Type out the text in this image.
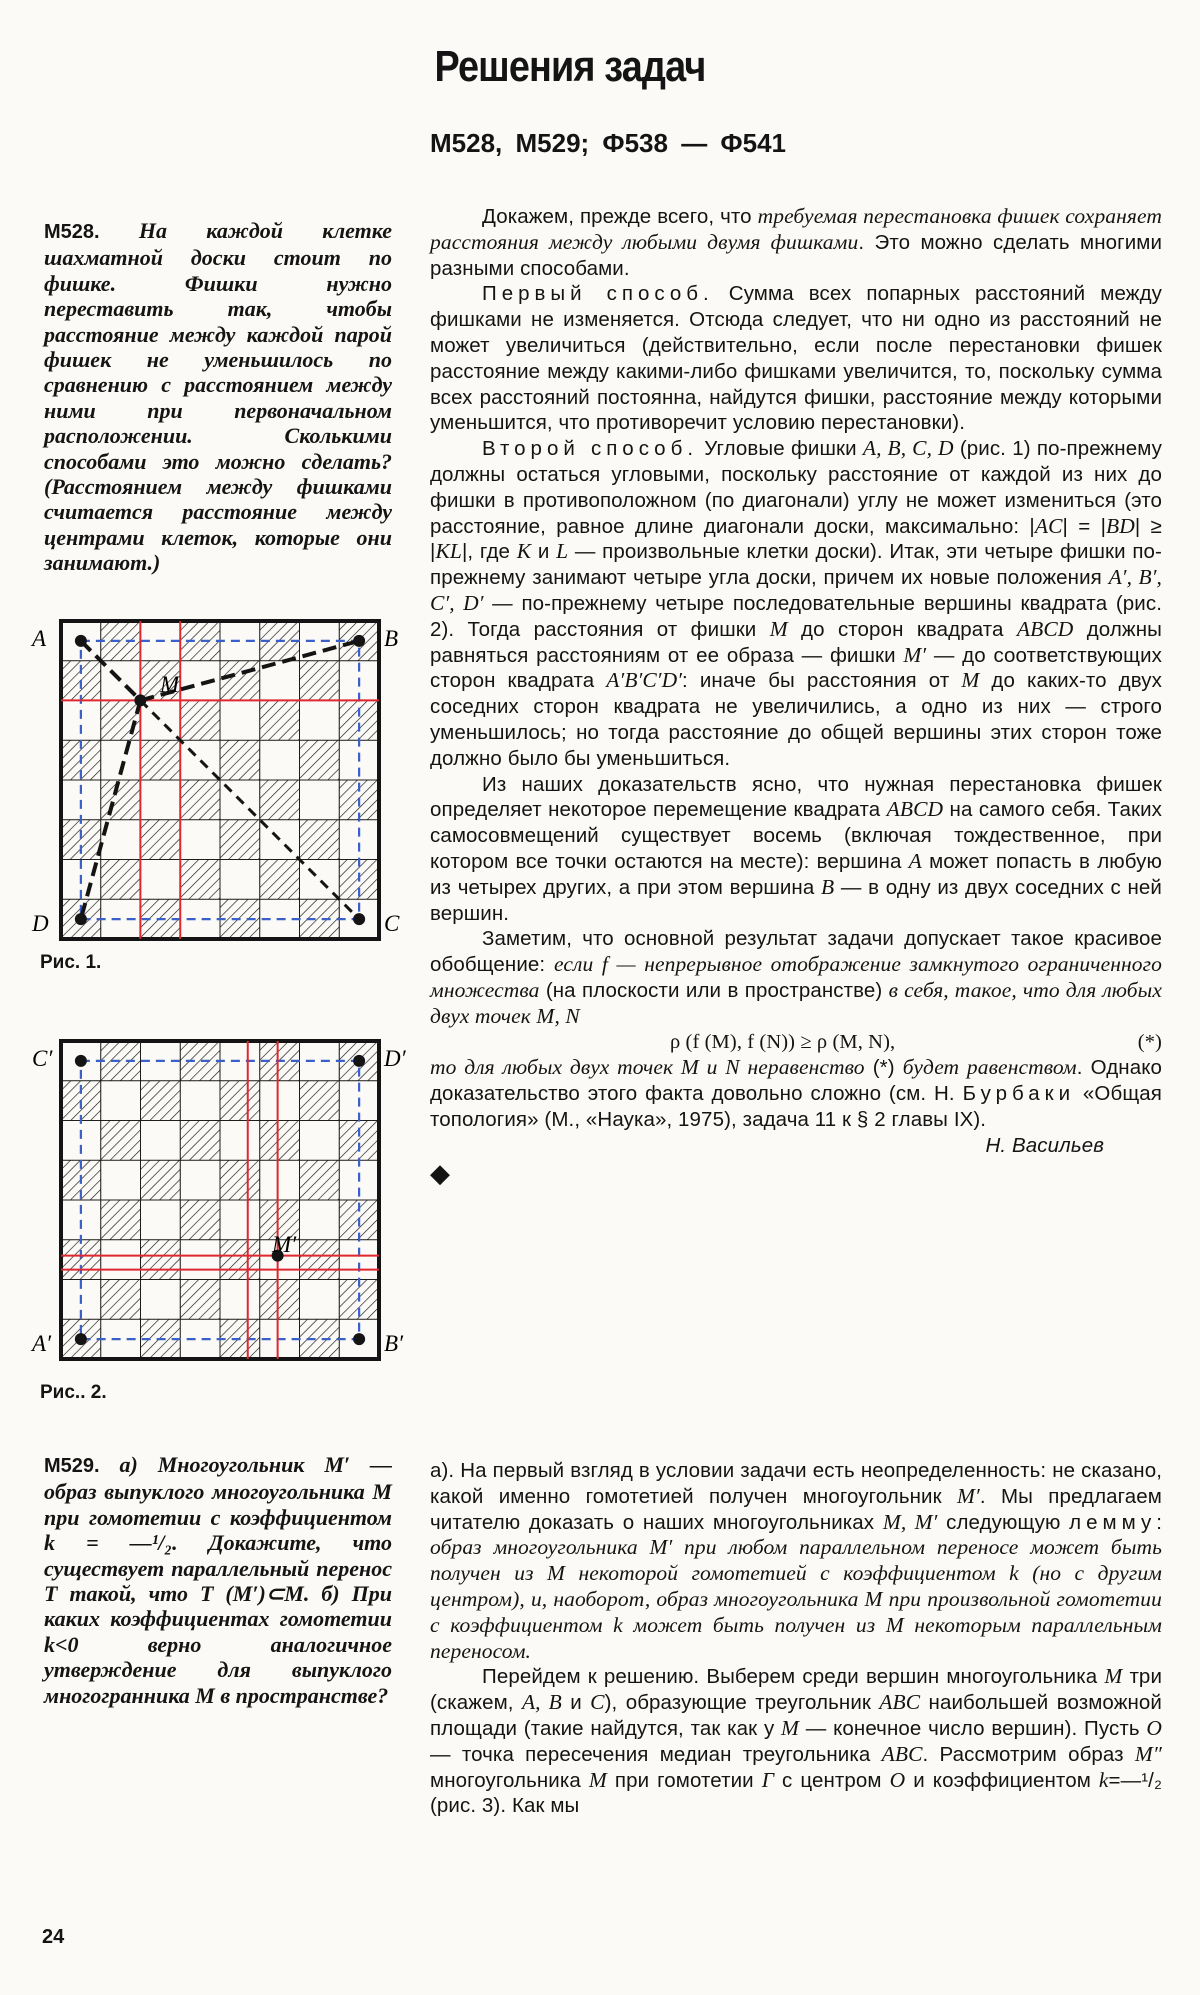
Решения задач
М528, М529; Ф538 — Ф541
М528. На каждой клетке шахматной доски стоит по фишке. Фишки нужно переставить так, чтобы расстояние между каждой парой фишек не уменьшилось по сравнению с расстоянием между ними при первоначальном расположении. Сколькими способами это можно сделать? (Расстоянием между фишками считается расстояние между центрами клеток, которые они занимают.)
A	B
C
D
M
Рис. 1.
C′	D′
B′
A′
M′
Рис.. 2.
М529. а) Многоугольник M′ — образ выпуклого многоугольника M при гомотетии с коэффициентом k = —¹/₂. Докажите, что существует параллельный перенос T такой, что T (M′)⊂M. б) При каких коэффициентах гомотетии k<0 верно аналогичное утверждение для выпуклого многогранника M в пространстве?

Докажем, прежде всего, что требуемая перестановка фишек сохраняет расстояния между любыми двумя фишками. Это можно сделать многими разными способами.

Первый способ. Сумма всех попарных расстояний между фишками не изменяется. Отсюда следует, что ни одно из расстояний не может увеличиться (действительно, если после перестановки фишек расстояние между какими-либо фишками увеличится, то, поскольку сумма всех расстояний постоянна, найдутся фишки, расстояние между которыми уменьшится, что противоречит условию перестановки).

Второй способ. Угловые фишки A, B, C, D (рис. 1) по-прежнему должны остаться угловыми, поскольку расстояние от каждой из них до фишки в противоположном (по диагонали) углу не может измениться (это расстояние, равное длине диагонали доски, максимально: |AC| = |BD| ≥ |KL|, где K и L — произвольные клетки доски). Итак, эти четыре фишки по-прежнему занимают четыре угла доски, причем их новые положения A′, B′, C′, D′ — по-прежнему четыре последовательные вершины квадрата (рис. 2). Тогда расстояния от фишки M до сторон квадрата ABCD должны равняться расстояниям от ее образа — фишки M′ — до соответствующих сторон квадрата A′B′C′D′: иначе бы расстояния от M до каких-то двух соседних сторон квадрата не увеличились, а одно из них — строго уменьшилось; но тогда расстояние до общей вершины этих сторон тоже должно было бы уменьшиться.

Из наших доказательств ясно, что нужная перестановка фишек определяет некоторое перемещение квадрата ABCD на самого себя. Таких самосовмещений существует восемь (включая тождественное, при котором все точки остаются на месте): вершина A может попасть в любую из четырех других, а при этом вершина B — в одну из двух соседних с ней вершин.

Заметим, что основной результат задачи допускает такое красивое обобщение: если f — непрерывное отображение замкнутого ограниченного множества (на плоскости или в пространстве) в себя, такое, что для любых двух точек M, N

ρ (f (M), f (N)) ≥ ρ (M, N),	(*)

то для любых двух точек M и N неравенство (*) будет равенством. Однако доказательство этого факта довольно сложно (см. Н. Бурбаки «Общая топология» (М., «Наука», 1975), задача 11 к § 2 главы IX).

Н. Васильев
◆

а). На первый взгляд в условии задачи есть неопределенность: не сказано, какой именно гомотетией получен многоугольник M′. Мы предлагаем читателю доказать о наших многоугольниках M, M′ следующую лемму: образ многоугольника M′ при любом параллельном переносе может быть получен из M некоторой гомотетией с коэффициентом k (но с другим центром), и, наоборот, образ многоугольника M при произвольной гомотетии с коэффициентом k может быть получен из M некоторым параллельным переносом.

Перейдем к решению. Выберем среди вершин многоугольника M три (скажем, A, B и C), образующие треугольник ABC наибольшей возможной площади (такие найдутся, так как у M — конечное число вершин). Пусть O — точка пересечения медиан треугольника ABC. Рассмотрим образ M″ многоугольника M при гомотетии Γ с центром O и коэффициентом k=—¹/₂ (рис. 3). Как мы

24
